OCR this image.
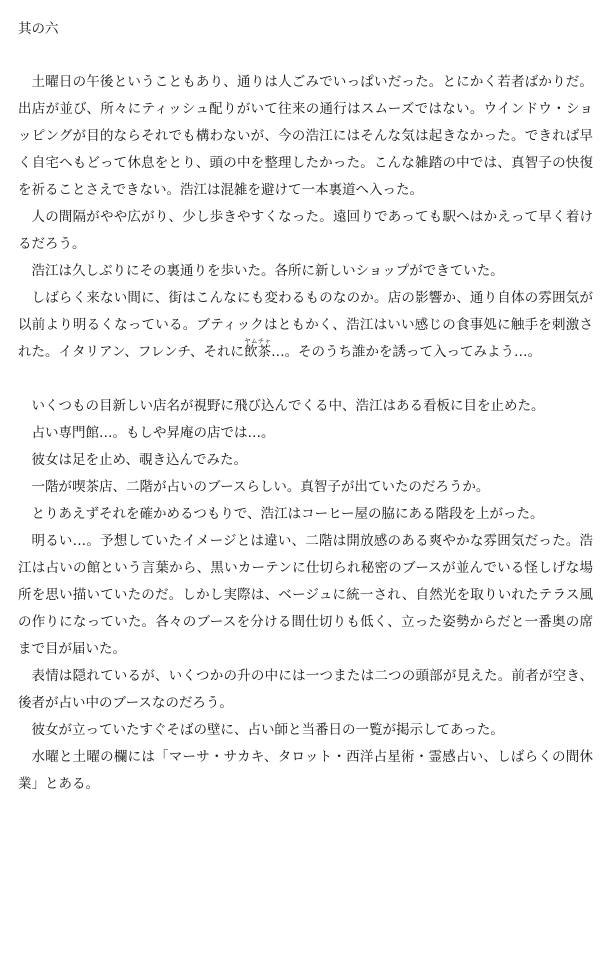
其の六

土曜日の午後ということもあり、通りは人ごみでいっぱいだった。とにかく若者ばかりだ。出店が並び、所々にティッシュ配りがいて往来の通行はスムーズではない。ウインドウ・ショッピングが目的ならそれでも構わないが、今の浩江にはそんな気は起きなかった。できれば早く自宅へもどって休息をとり、頭の中を整理したかった。こんな雑踏の中では、真智子の快復を祈ることさえできない。浩江は混雑を避けて一本裏道へ入った。

人の間隔がやや広がり、少し歩きやすくなった。遠回りであっても駅へはかえって早く着けるだろう。

浩江は久しぶりにその裏通りを歩いた。各所に新しいショップができていた。

しばらく来ない間に、街はこんなにも変わるものなのか。店の影響か、通り自体の雰囲気が以前より明るくなっている。ブティックはともかく、浩江はいい感じの食事処に触手を刺激された。イタリアン、フレンチ、それに飲茶ヤムチャ…。そのうち誰かを誘って入ってみよう…。

いくつもの目新しい店名が視野に飛び込んでくる中、浩江はある看板に目を止めた。

占い専門館…。もしや昇庵の店では…。

彼女は足を止め、覗き込んでみた。

一階が喫茶店、二階が占いのブースらしい。真智子が出ていたのだろうか。

とりあえずそれを確かめるつもりで、浩江はコーヒー屋の脇にある階段を上がった。

明るい…。予想していたイメージとは違い、二階は開放感のある爽やかな雰囲気だった。浩江は占いの館という言葉から、黒いカーテンに仕切られ秘密のブースが並んでいる怪しげな場所を思い描いていたのだ。しかし実際は、ベージュに統一され、自然光を取りいれたテラス風の作りになっていた。各々のブースを分ける間仕切りも低く、立った姿勢からだと一番奥の席まで目が届いた。

表情は隠れているが、いくつかの升の中には一つまたは二つの頭部が見えた。前者が空き、後者が占い中のブースなのだろう。

彼女が立っていたすぐそばの壁に、占い師と当番日の一覧が掲示してあった。

水曜と土曜の欄には「マーサ・サカキ、タロット・西洋占星術・霊感占い、しばらくの間休業」とある。
